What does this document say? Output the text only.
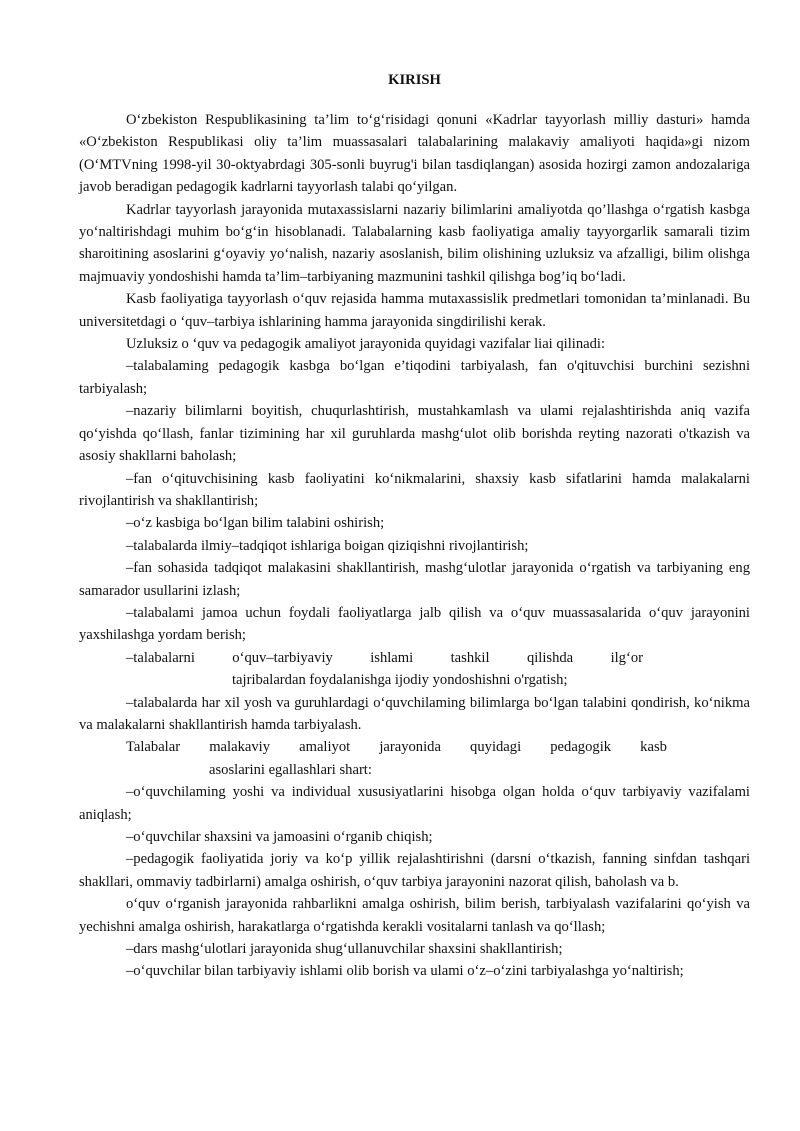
KIRISH

O‘zbekiston Respublikasining ta’lim to‘g‘risidagi qonuni «Kadrlar tayyorlash milliy dasturi» hamda «O‘zbekiston Respublikasi oliy ta’lim muassasalari talabalarining malakaviy amaliyoti haqida»gi nizom (O‘MTVning 1998-yil 30-oktyabrdagi 305-sonli buyrug'i bilan tasdiqlangan) asosida hozirgi zamon andozalariga javob beradigan pedagogik kadrlarni tayyorlash talabi qo‘yilgan.

Kadrlar tayyorlash jarayonida mutaxassislarni nazariy bilimlarini amaliyotda qo’llashga o‘rgatish kasbga yo‘naltirishdagi muhim bo‘g‘in hisoblanadi. Talabalarning kasb faoliyatiga amaliy tayyorgarlik samarali tizim sharoitining asoslarini g‘oyaviy yo‘nalish, nazariy asoslanish, bilim olishining uzluksiz va afzalligi, bilim olishga majmuaviy yondoshishi hamda ta’lim–tarbiyaning mazmunini tashkil qilishga bog’iq bo‘ladi.

Kasb faoliyatiga tayyorlash o‘quv rejasida hamma mutaxassislik predmetlari tomonidan ta’minlanadi. Bu universitetdagi o ‘quv–tarbiya ishlarining hamma jarayonida singdirilishi kerak.

Uzluksiz o ‘quv va pedagogik amaliyot jarayonida quyidagi vazifalar liai qilinadi:

–talabalaming pedagogik kasbga bo‘lgan e’tiqodini tarbiyalash, fan o'qituvchisi burchini sezishni tarbiyalash;

–nazariy bilimlarni boyitish, chuqurlashtirish, mustahkamlash va ulami rejalashtirishda aniq vazifa qo‘yishda qo‘llash, fanlar tizimining har xil guruhlarda mashg‘ulot olib borishda reyting nazorati o'tkazish va asosiy shakllarni baholash;

–fan o‘qituvchisining kasb faoliyatini ko‘nikmalarini, shaxsiy kasb sifatlarini hamda malakalarni rivojlantirish va shakllantirish;

–o‘z kasbiga bo‘lgan bilim talabini oshirish;

–talabalarda ilmiy–tadqiqot ishlariga boigan qiziqishni rivojlantirish;

–fan sohasida tadqiqot malakasini shakllantirish, mashg‘ulotlar jarayonida o‘rgatish va tarbiyaning eng samarador usullarini izlash;

–talabalami jamoa uchun foydali faoliyatlarga jalb qilish va o‘quv muassasalarida o‘quv jarayonini yaxshilashga yordam berish;

–talabalarni	o‘quv–tarbiyaviy	ishlami	tashkil	qilishda	ilg‘or

tajribalardan foydalanishga ijodiy yondoshishni o'rgatish;

–talabalarda har xil yosh va guruhlardagi o‘quvchilaming bilimlarga bo‘lgan talabini qondirish, ko‘nikma va malakalarni shakllantirish hamda tarbiyalash.

Talabalar malakaviy amaliyot jarayonida quyidagi pedagogik kasb

asoslarini egallashlari shart:

–o‘quvchilaming yoshi va individual xususiyatlarini hisobga olgan holda o‘quv tarbiyaviy vazifalami aniqlash;

–o‘quvchilar shaxsini va jamoasini o‘rganib chiqish;

–pedagogik faoliyatida joriy va ko‘p yillik rejalashtirishni (darsni o‘tkazish, fanning sinfdan tashqari shakllari, ommaviy tadbirlarni) amalga oshirish, o‘quv tarbiya jarayonini nazorat qilish, baholash va b.

o‘quv o‘rganish jarayonida rahbarlikni amalga oshirish, bilim berish, tarbiyalash vazifalarini qo‘yish va yechishni amalga oshirish, harakatlarga o‘rgatishda kerakli vositalarni tanlash va qo‘llash;

–dars mashg‘ulotlari jarayonida shug‘ullanuvchilar shaxsini shakllantirish;

–o‘quvchilar bilan tarbiyaviy ishlami olib borish va ulami o‘z–o‘zini tarbiyalashga yo‘naltirish;
